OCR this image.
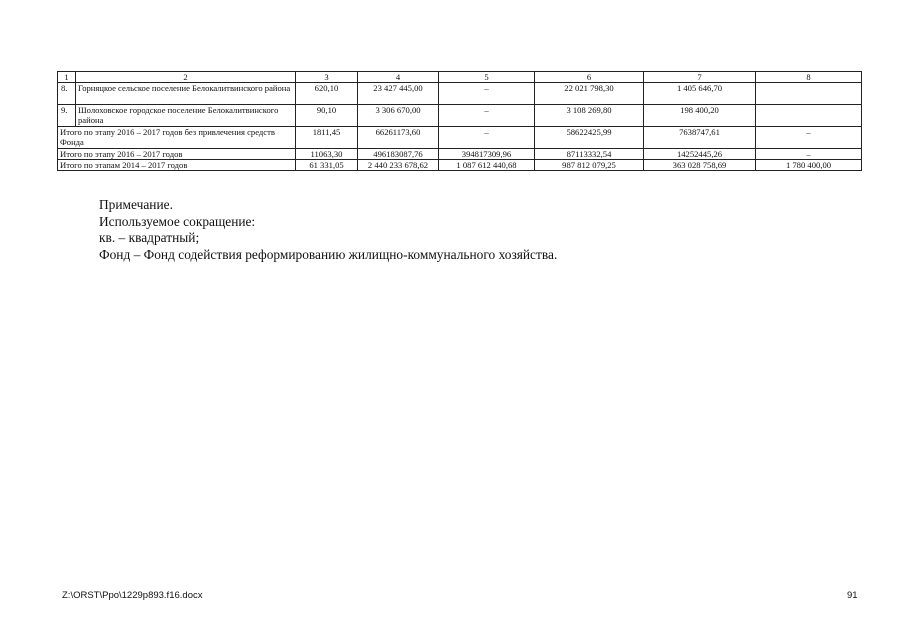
1	2	3	4	5	6	7	8
8.	Горняцкое сельское поселение Белокалитвинского района	620,10	23 427 445,00	–	22 021 798,30	1 405 646,70	
9.	Шолоховское городское поселение Белокалитвинского района	90,10	3 306 670,00	–	3 108 269,80	198 400,20	
Итого по этапу 2016 – 2017 годов без привлечения средств Фонда		1811,45	66261173,60	–	58622425,99	7638747,61	–
Итого по этапу 2016 – 2017 годов		11063,30	496183087,76	394817309,96	87113332,54	14252445,26	–
Итого по этапам 2014 – 2017 годов		61 331,05	2 440 233 678,62	1 087 612 440,68	987 812 079,25	363 028 758,69	1 780 400,00
Примечание.
Используемое сокращение:
кв. – квадратный;
Фонд – Фонд содействия реформированию жилищно-коммунального хозяйства.
Z:\ORST\Ppo\1229p893.f16.docx	91
